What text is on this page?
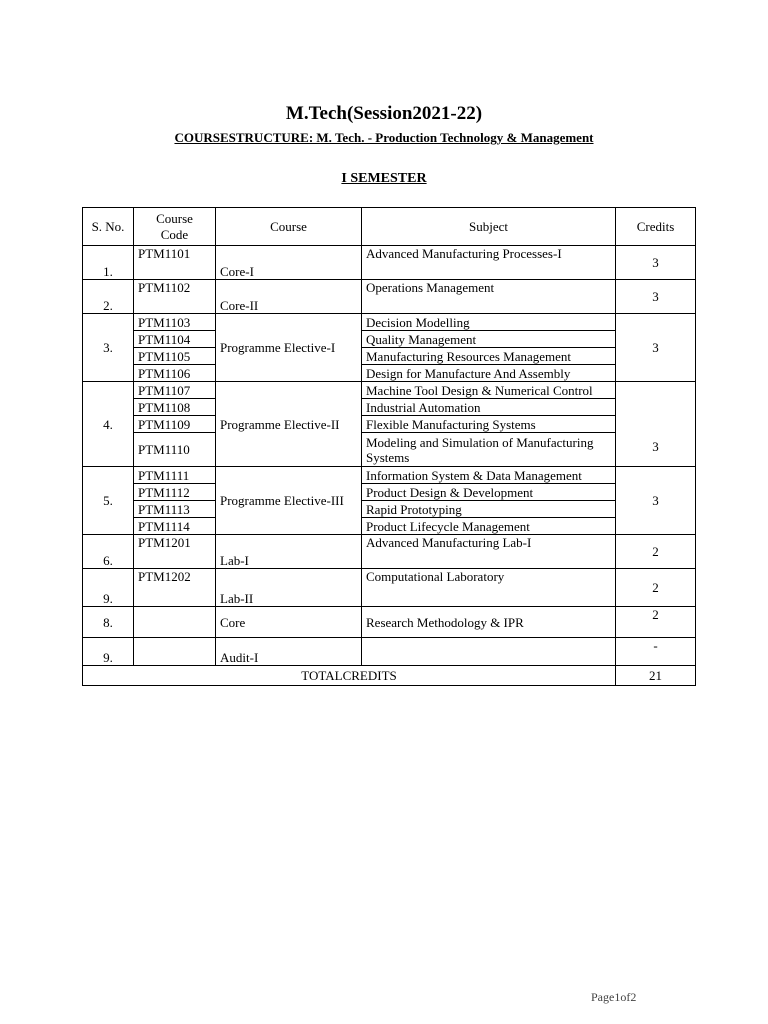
M.Tech(Session2021-22)
COURSESTRUCTURE: M. Tech. - Production Technology & Management
I SEMESTER
S. No.	Course Code	Course	Subject	Credits
1.	PTM1101	Core-I	Advanced Manufacturing Processes-I	3
2.	PTM1102	Core-II	Operations Management	3
3.	PTM1103	Programme Elective-I	Decision Modelling	3
	PTM1104		Quality Management	
	PTM1105		Manufacturing Resources Management	
	PTM1106		Design for Manufacture And Assembly	
4.	PTM1107	Programme Elective-II	Machine Tool Design & Numerical Control	3
	PTM1108		Industrial Automation	
	PTM1109		Flexible Manufacturing Systems	
	PTM1110		Modeling and Simulation of Manufacturing Systems	
5.	PTM1111	Programme Elective-III	Information System & Data Management	3
	PTM1112		Product Design & Development	
	PTM1113		Rapid Prototyping	
	PTM1114		Product Lifecycle Management	
6.	PTM1201	Lab-I	Advanced Manufacturing Lab-I	2
9.	PTM1202	Lab-II	Computational Laboratory	2
8.		Core	Research Methodology & IPR	2
9.		Audit-I		-
TOTALCREDITS				21
Page1of2
